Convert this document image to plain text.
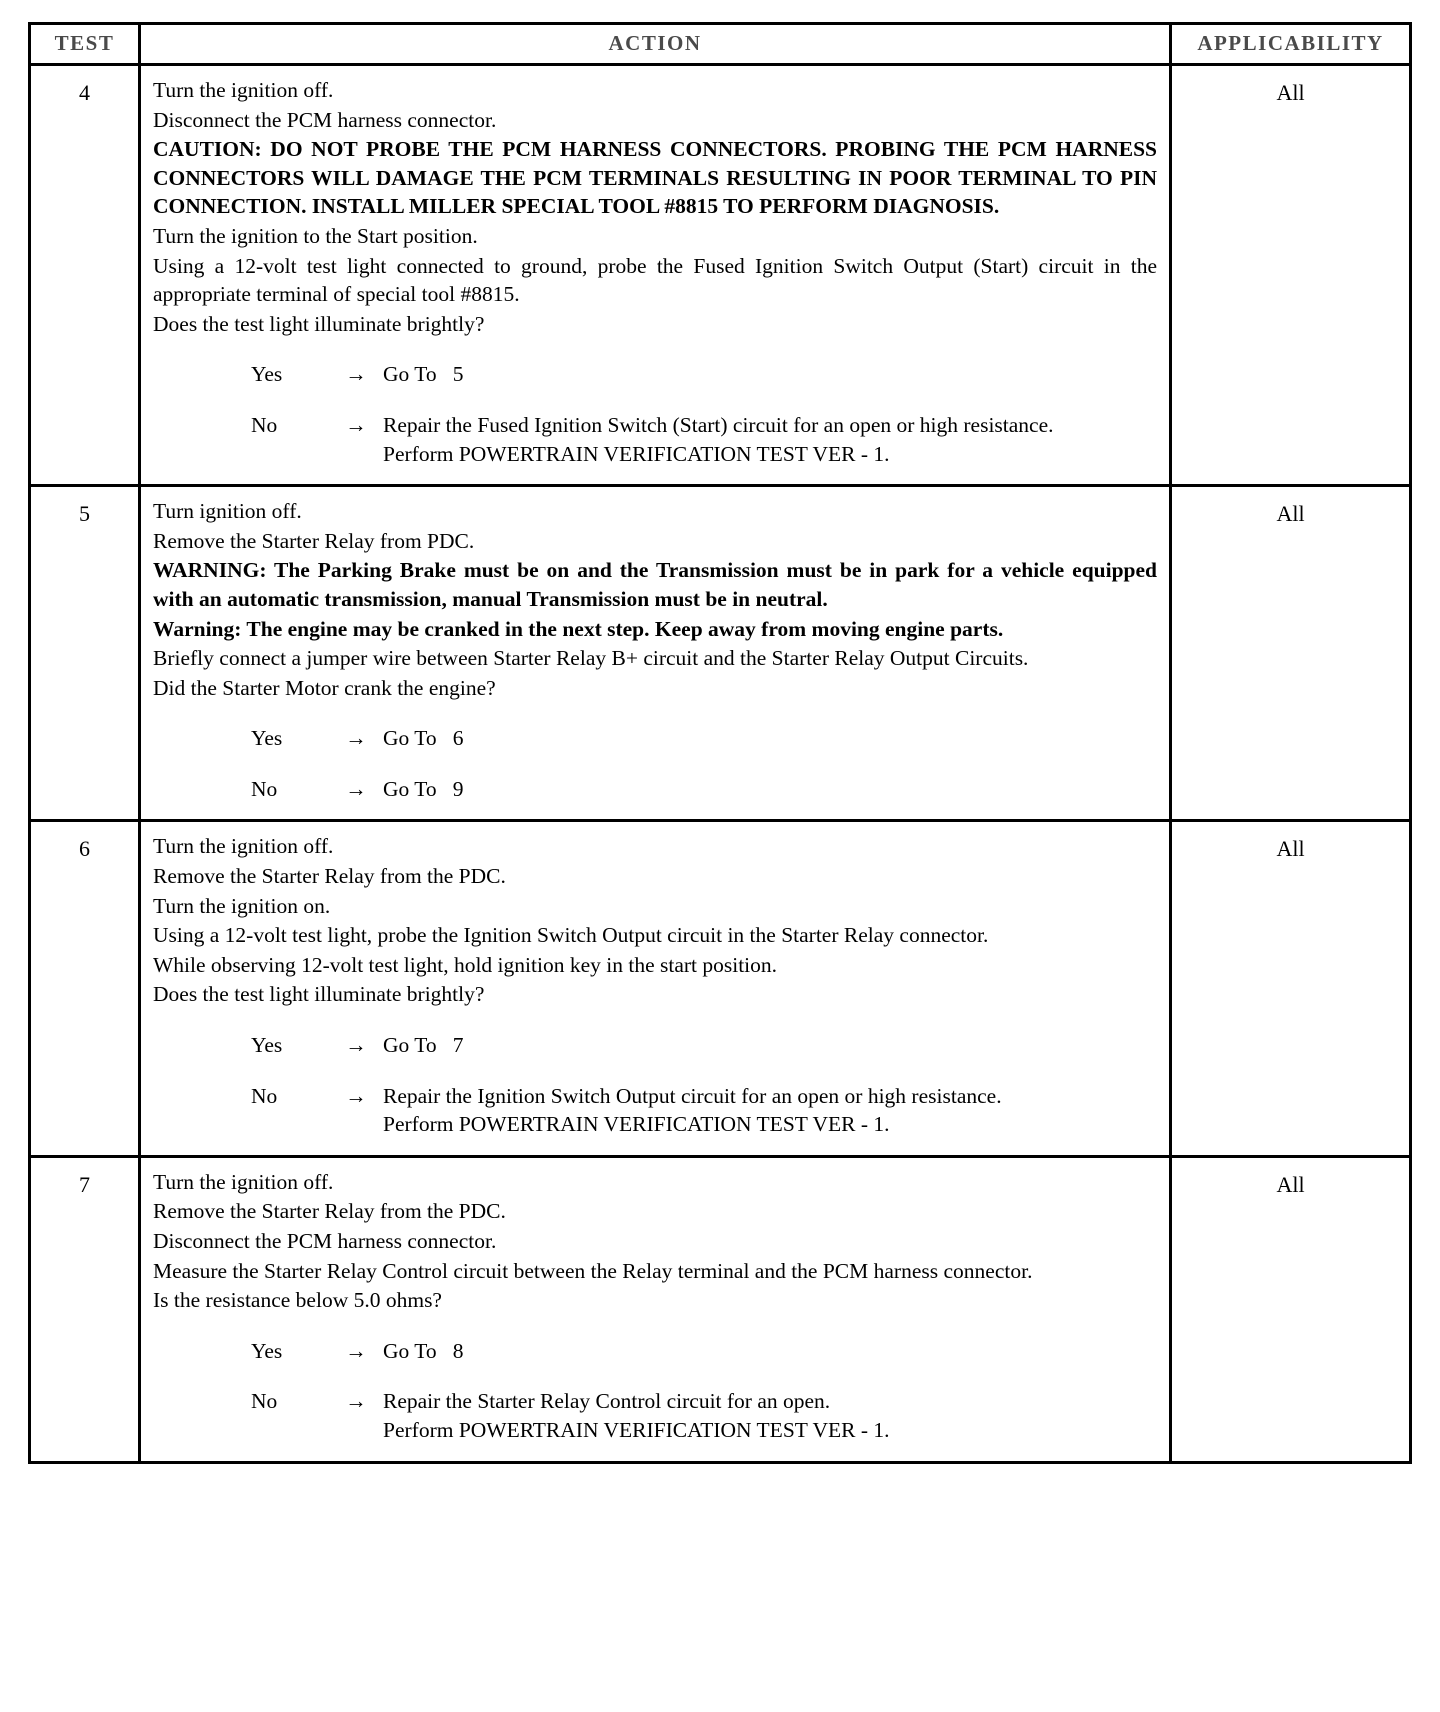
TEST	ACTION	APPLICABILITY
4	Turn the ignition off.
Disconnect the PCM harness connector.
CAUTION: DO NOT PROBE THE PCM HARNESS CONNECTORS. PROBING THE PCM HARNESS CONNECTORS WILL DAMAGE THE PCM TERMINALS RESULTING IN POOR TERMINAL TO PIN CONNECTION. INSTALL MILLER SPECIAL TOOL #8815 TO PERFORM DIAGNOSIS.
Turn the ignition to the Start position.
Using a 12-volt test light connected to ground, probe the Fused Ignition Switch Output (Start) circuit in the appropriate terminal of special tool #8815.
Does the test light illuminate brightly?
Yes	→ Go To   5
No	→ Repair the Fused Ignition Switch (Start) circuit for an open or high resistance.
Perform POWERTRAIN VERIFICATION TEST VER - 1.
	All
5	Turn ignition off.
Remove the Starter Relay from PDC.
WARNING: The Parking Brake must be on and the Transmission must be in park for a vehicle equipped with an automatic transmission, manual Transmission must be in neutral.
Warning: The engine may be cranked in the next step. Keep away from moving engine parts.
Briefly connect a jumper wire between Starter Relay B+ circuit and the Starter Relay Output Circuits.
Did the Starter Motor crank the engine?
Yes	→ Go To   6
No	→ Go To   9
	All
6	Turn the ignition off.
Remove the Starter Relay from the PDC.
Turn the ignition on.
Using a 12-volt test light, probe the Ignition Switch Output circuit in the Starter Relay connector.
While observing 12-volt test light, hold ignition key in the start position.
Does the test light illuminate brightly?
Yes	→ Go To   7
No	→ Repair the Ignition Switch Output circuit for an open or high resistance.
Perform POWERTRAIN VERIFICATION TEST VER - 1.
	All
7	Turn the ignition off.
Remove the Starter Relay from the PDC.
Disconnect the PCM harness connector.
Measure the Starter Relay Control circuit between the Relay terminal and the PCM harness connector.
Is the resistance below 5.0 ohms?
Yes	→ Go To   8
No	→ Repair the Starter Relay Control circuit for an open.
Perform POWERTRAIN VERIFICATION TEST VER - 1.
	All
